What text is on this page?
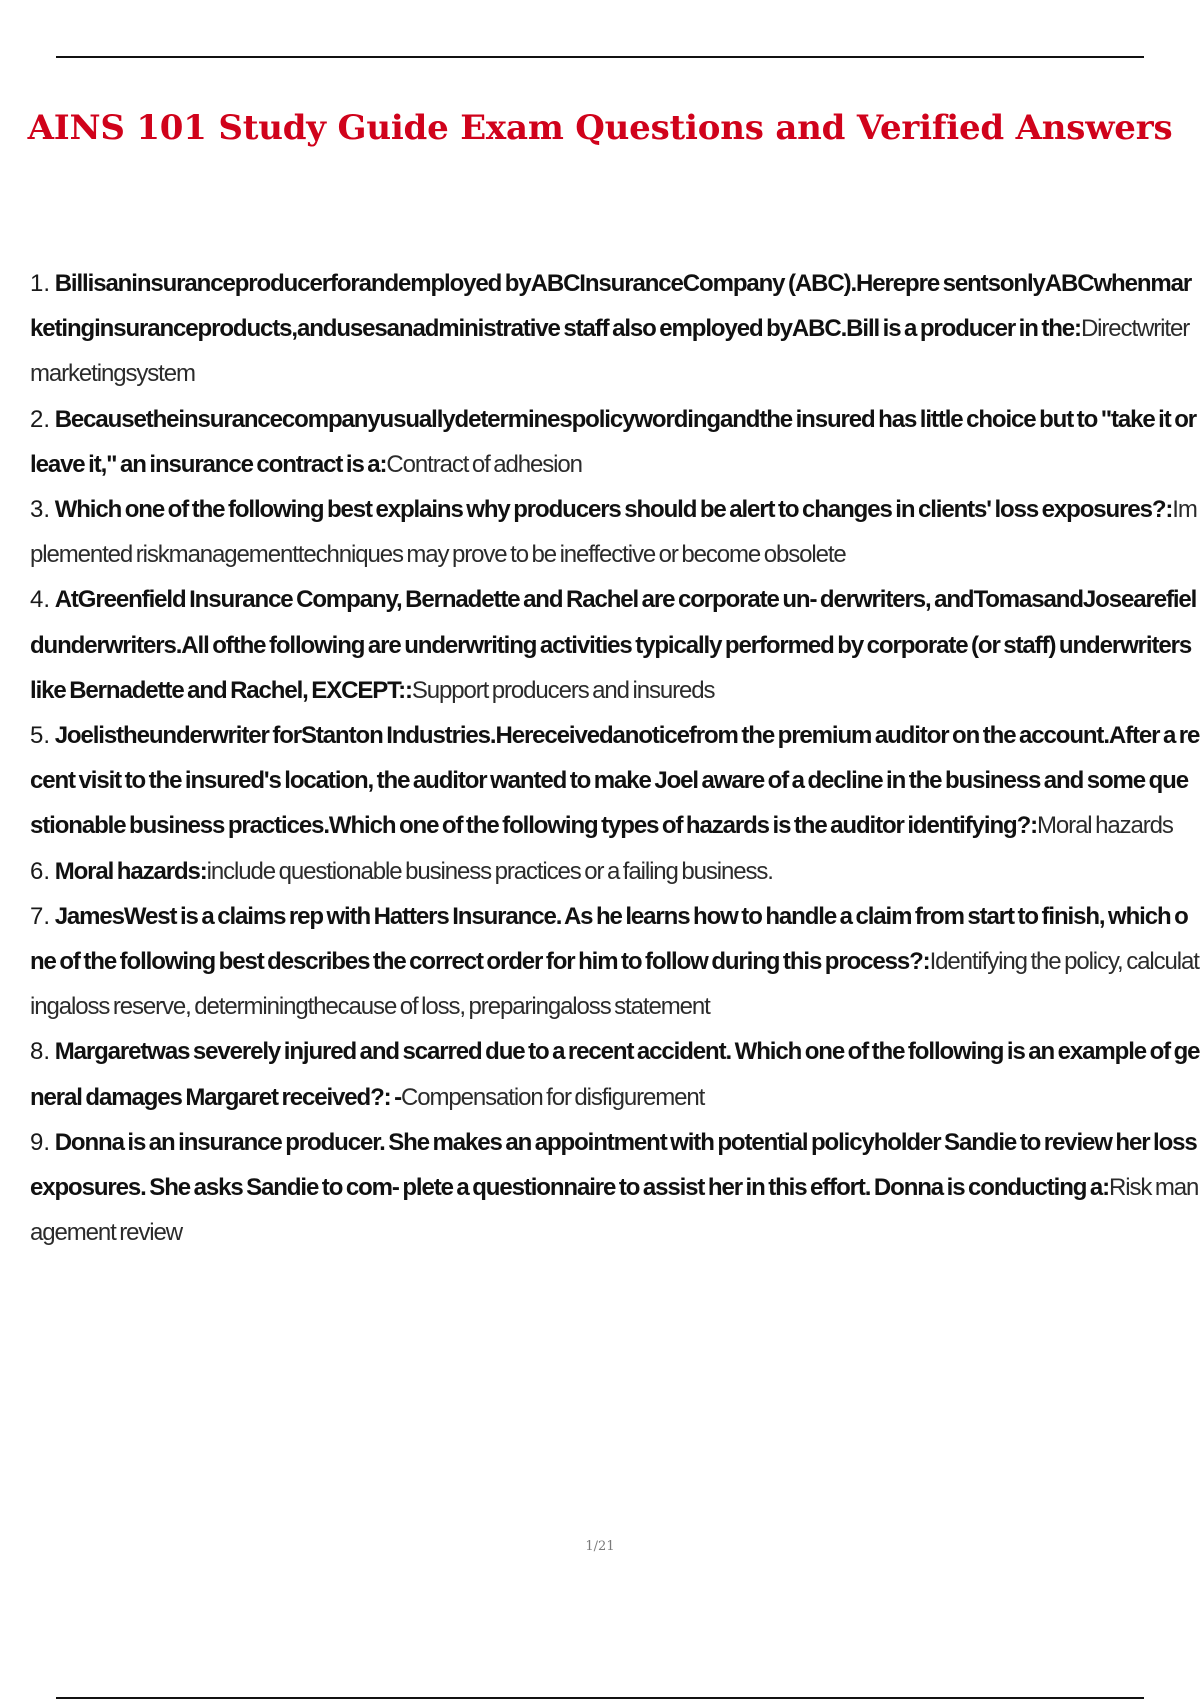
AINS 101 Study Guide Exam Questions and Verified Answers
1. Billisaninsuranceproducerforandemployed byABCInsuranceCompany (ABC).Herepre sentsonlyABCwhenmarketinginsuranceproducts,andusesanadministrative staff also employed byABC.Bill is a producer in the:Directwriter marketingsystem
2. Becausetheinsurancecompanyusuallydeterminespolicywordingandthe insured has little choice but to "take it or leave it," an insurance contract is a:Contract of adhesion
3. Which one of the following best explains why producers should be alert to changes in clients' loss exposures?:Implemented riskmanagementtechniques may prove to be ineffective or become obsolete
4. AtGreenfield Insurance Company, Bernadette and Rachel are corporate un- derwriters, andTomasandJosearefieldunderwriters.All ofthe following are underwriting activities typically performed by corporate (or staff) underwriters like Bernadette and Rachel, EXCEPT::Support producers and insureds
5. Joelistheunderwriter forStanton Industries.Hereceivedanoticefrom the premium auditor on the account.After a recent visit to the insured's location, the auditor wanted to make Joel aware of a decline in the business and some questionable business practices.Which one of the following types of hazards is the auditor identifying?:Moral hazards
6. Moral hazards:include questionable business practices or a failing business.
7. JamesWest is a claims rep with Hatters Insurance. As he learns how to handle a claim from start to finish, which one of the following best describes the correct order for him to follow during this process?:Identifying the policy, calculatingaloss reserve, determiningthecause of loss, preparingaloss statement
8. Margaretwas severely injured and scarred due to a recent accident. Which one of the following is an example of general damages Margaret received?: -Compensation for disfigurement
9. Donna is an insurance producer. She makes an appointment with potential policyholder Sandie to review her loss exposures. She asks Sandie to com- plete a questionnaire to assist her in this effort. Donna is conducting a:Risk management review
1/21
